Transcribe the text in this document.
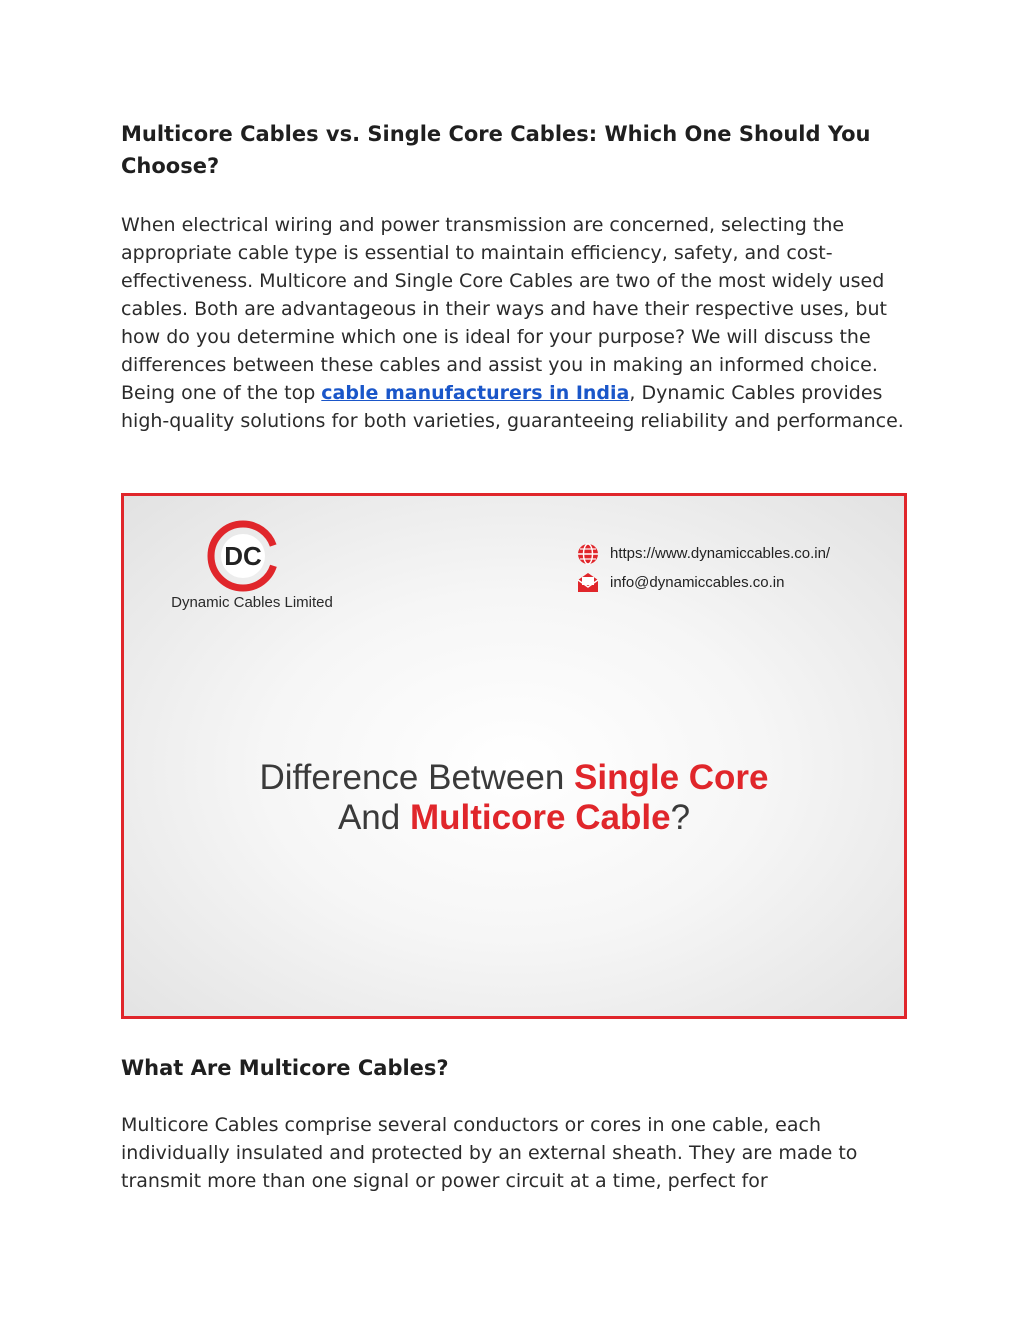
Multicore Cables vs. Single Core Cables: Which One Should You Choose?

When electrical wiring and power transmission are concerned, selecting the appropriate cable type is essential to maintain efficiency, safety, and cost-effectiveness. Multicore and Single Core Cables are two of the most widely used cables. Both are advantageous in their ways and have their respective uses, but how do you determine which one is ideal for your purpose? We will discuss the differences between these cables and assist you in making an informed choice. Being one of the top cable manufacturers in India, Dynamic Cables provides high-quality solutions for both varieties, guaranteeing reliability and performance.

DC
Dynamic Cables Limited
https://www.dynamiccables.co.in/
info@dynamiccables.co.in
Difference Between Single Core
And Multicore Cable?
What Are Multicore Cables?

Multicore Cables comprise several conductors or cores in one cable, each individually insulated and protected by an external sheath. They are made to transmit more than one signal or power circuit at a time, perfect for
